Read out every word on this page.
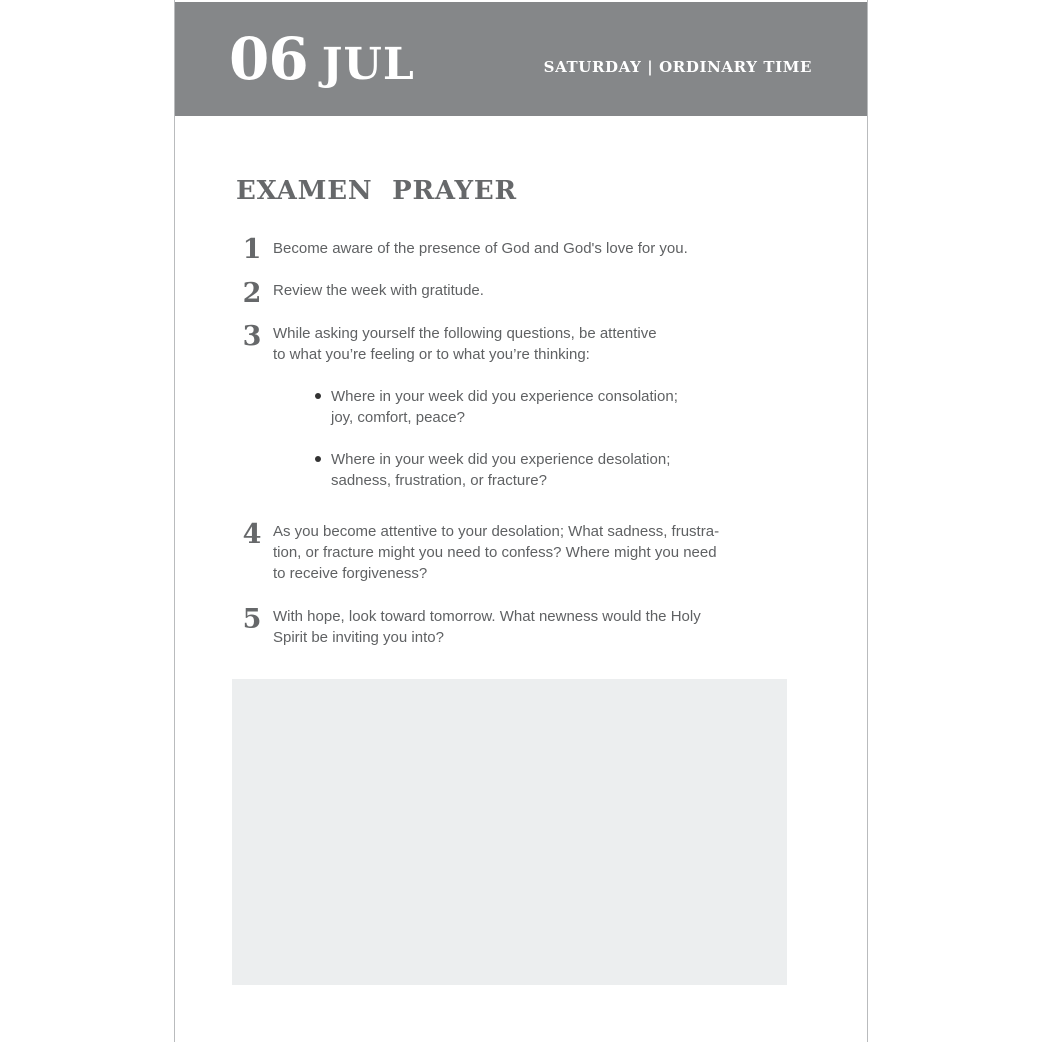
06 JUL	SATURDAY | ORDINARY TIME
EXAMEN  PRAYER
1 Become aware of the presence of God and God's love for you.
2 Review the week with gratitude.
3 While asking yourself the following questions, be attentive
to what you’re feeling or to what you’re thinking:
Where in your week did you experience consolation;
joy, comfort, peace?
Where in your week did you experience desolation;
sadness, frustration, or fracture?
4 As you become attentive to your desolation; What sadness, frustra-
tion, or fracture might you need to confess? Where might you need
to receive forgiveness?
5 With hope, look toward tomorrow. What newness would the Holy
Spirit be inviting you into?
